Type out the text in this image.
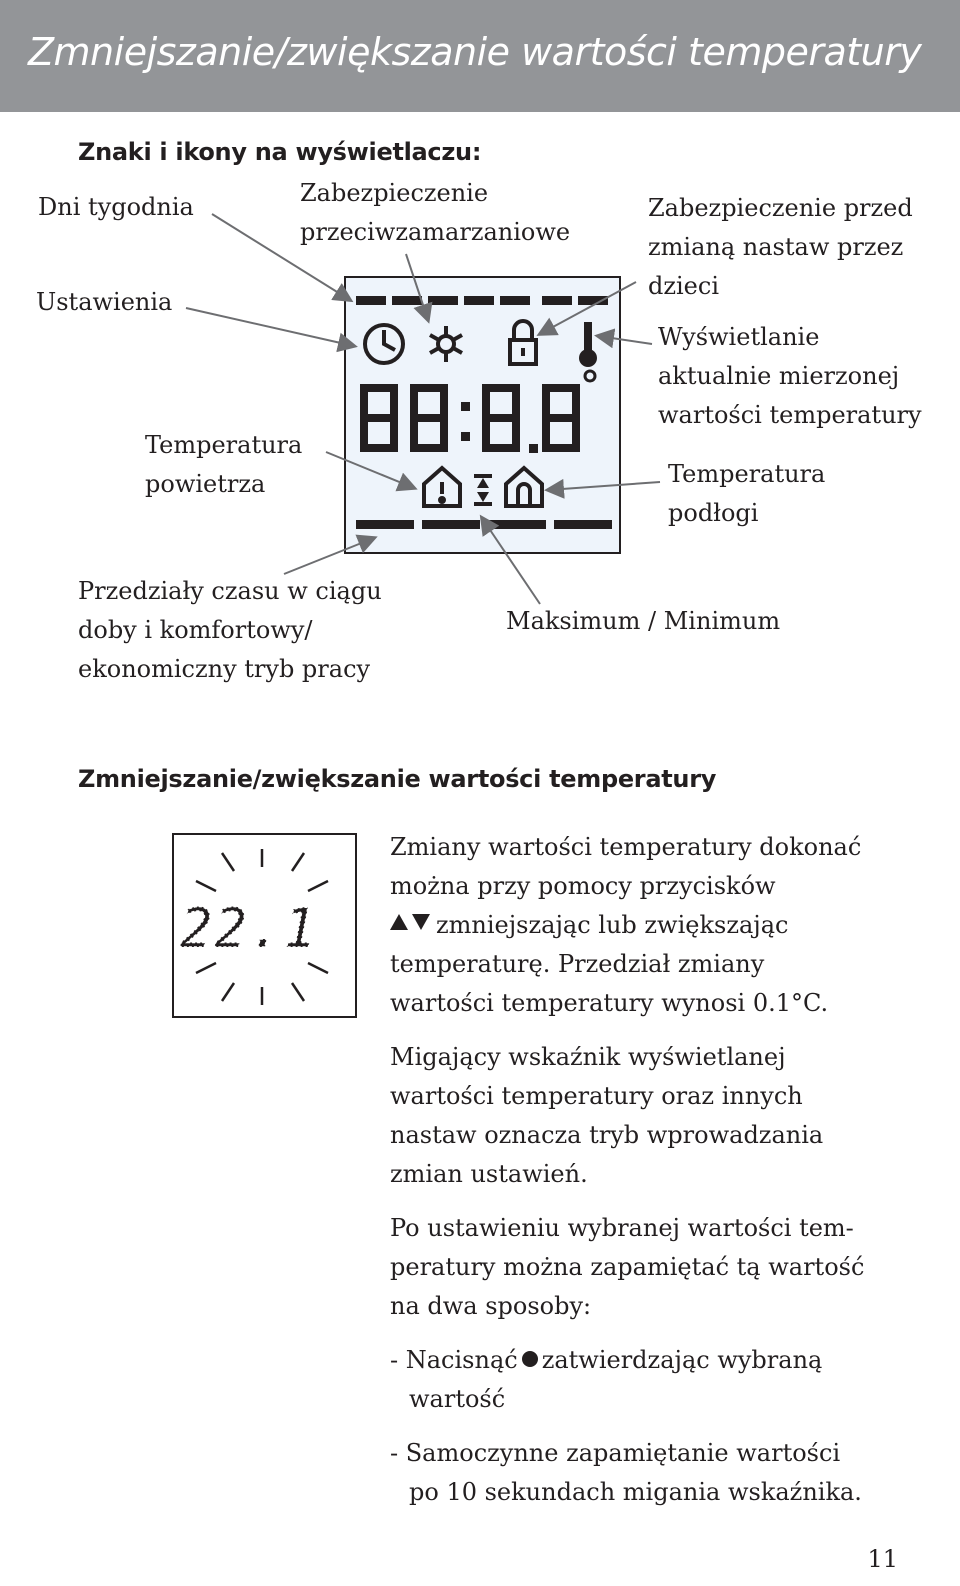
Zmniejszanie/zwiększanie wartości temperatury
Znaki i ikony na wyświetlaczu:
Dni tygodnia	Zabezpieczenie
przeciwzamarzaniowe
Zabezpieczenie przed
zmianą nastaw przez
dzieci
Ustawienia
Wyświetlanie
aktualnie mierzonej
wartości temperatury
Temperatura
powietrza	Temperatura
podłogi
Przedziały czasu w ciągu
doby i komfortowy/
ekonomiczny tryb pracy
Maksimum / Minimum
Zmniejszanie/zwiększanie wartości temperatury
22.1

Zmiany wartości temperatury dokonać
można przy pomocy przycisków
zmniejszając lub zwiększając
temperaturę. Przedział zmiany
wartości temperatury wynosi 0.1°C.

Migający wskaźnik wyświetlanej
wartości temperatury oraz innych
nastaw oznacza tryb wprowadzania
zmian ustawień.

Po ustawieniu wybranej wartości tem-
peratury można zapamiętać tą wartość
na dwa sposoby:

- Nacisnąć zatwierdzając wybraną
wartość

- Samoczynne zapamiętanie wartości
po 10 sekundach migania wskaźnika.

11
